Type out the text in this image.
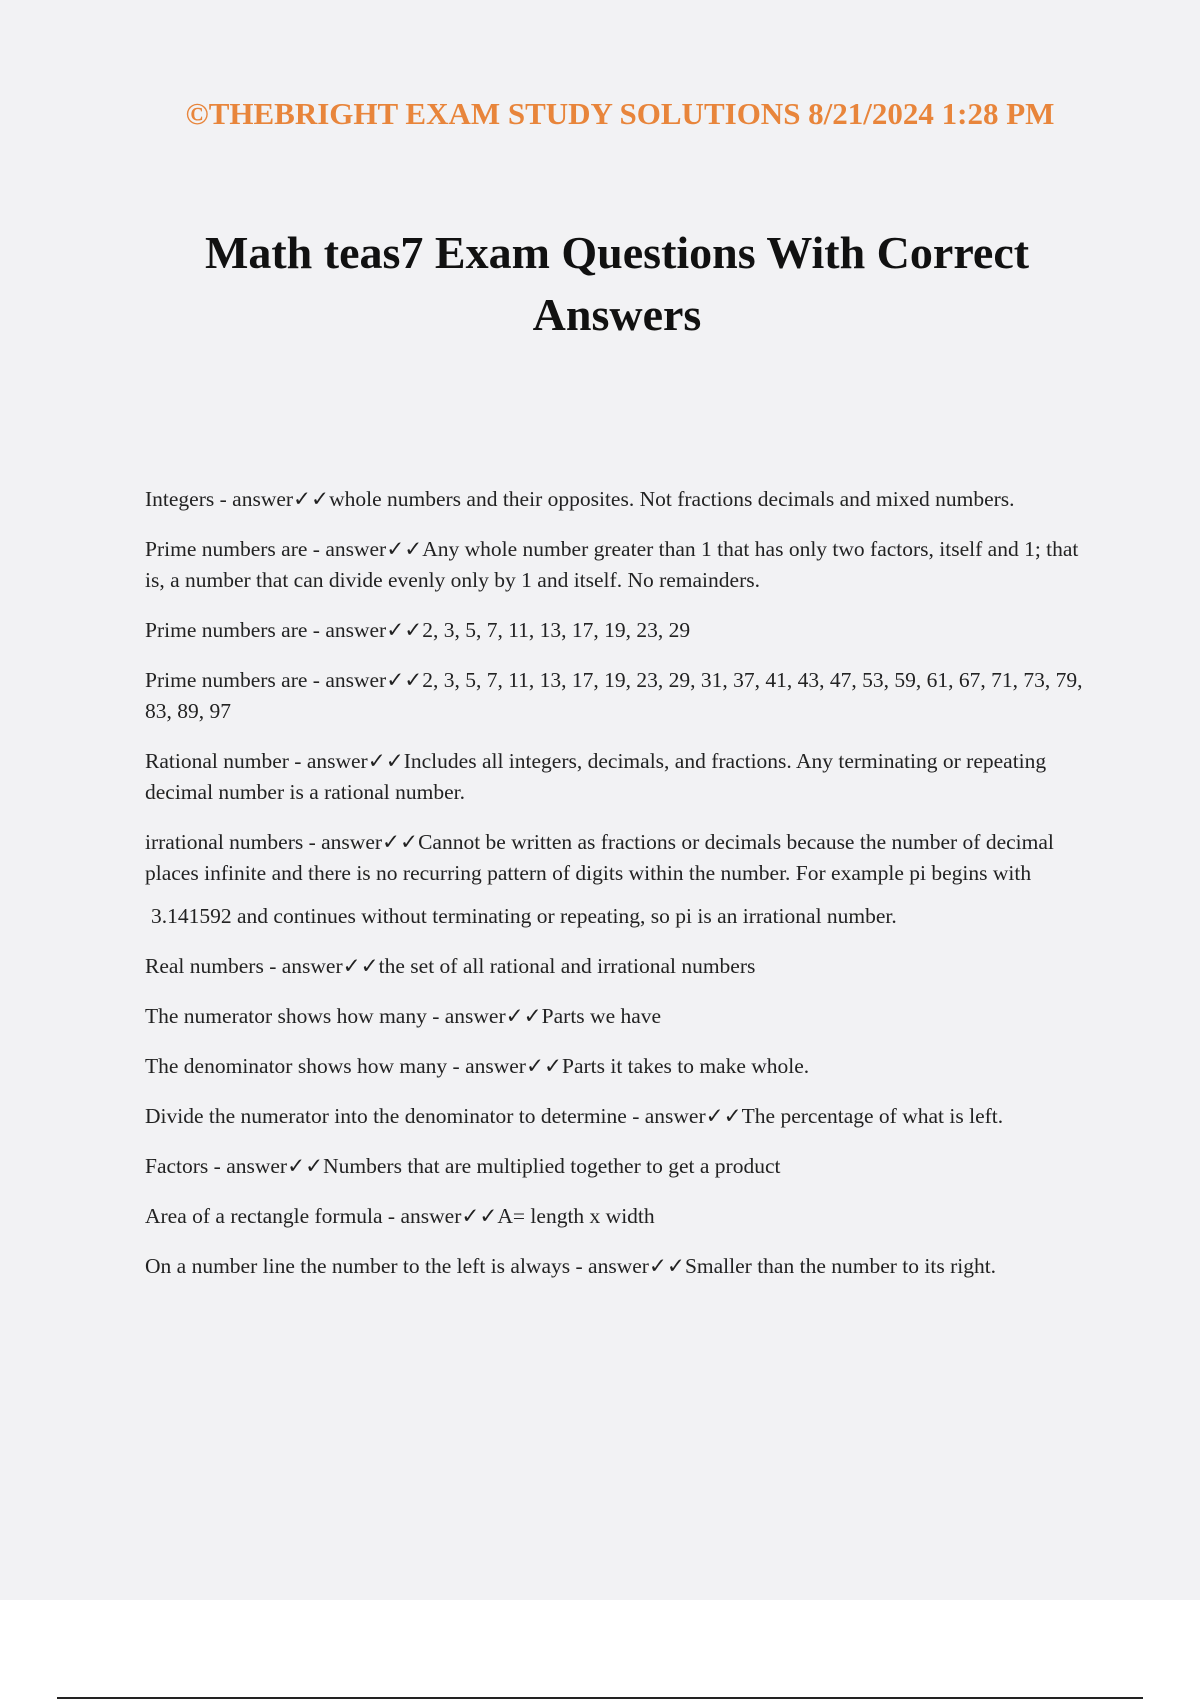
©THEBRIGHT EXAM STUDY SOLUTIONS 8/21/2024 1:28 PM
Math teas7 Exam Questions With Correct
Answers

Integers - answer✓✓whole numbers and their opposites. Not fractions decimals and mixed numbers.

Prime numbers are - answer✓✓Any whole number greater than 1 that has only two factors, itself and 1; that is, a number that can divide evenly only by 1 and itself. No remainders.

Prime numbers are - answer✓✓2, 3, 5, 7, 11, 13, 17, 19, 23, 29

Prime numbers are - answer✓✓2, 3, 5, 7, 11, 13, 17, 19, 23, 29, 31, 37, 41, 43, 47, 53, 59, 61, 67, 71, 73, 79, 83, 89, 97

Rational number - answer✓✓Includes all integers, decimals, and fractions. Any terminating or repeating decimal number is a rational number.

irrational numbers - answer✓✓Cannot be written as fractions or decimals because the number of decimal places infinite and there is no recurring pattern of digits within the number. For example pi begins with

3.141592 and continues without terminating or repeating, so pi is an irrational number.

Real numbers - answer✓✓the set of all rational and irrational numbers

The numerator shows how many - answer✓✓Parts we have

The denominator shows how many - answer✓✓Parts it takes to make whole.

Divide the numerator into the denominator to determine - answer✓✓The percentage of what is left.

Factors - answer✓✓Numbers that are multiplied together to get a product

Area of a rectangle formula - answer✓✓A= length x width

On a number line the number to the left is always - answer✓✓Smaller than the number to its right.
